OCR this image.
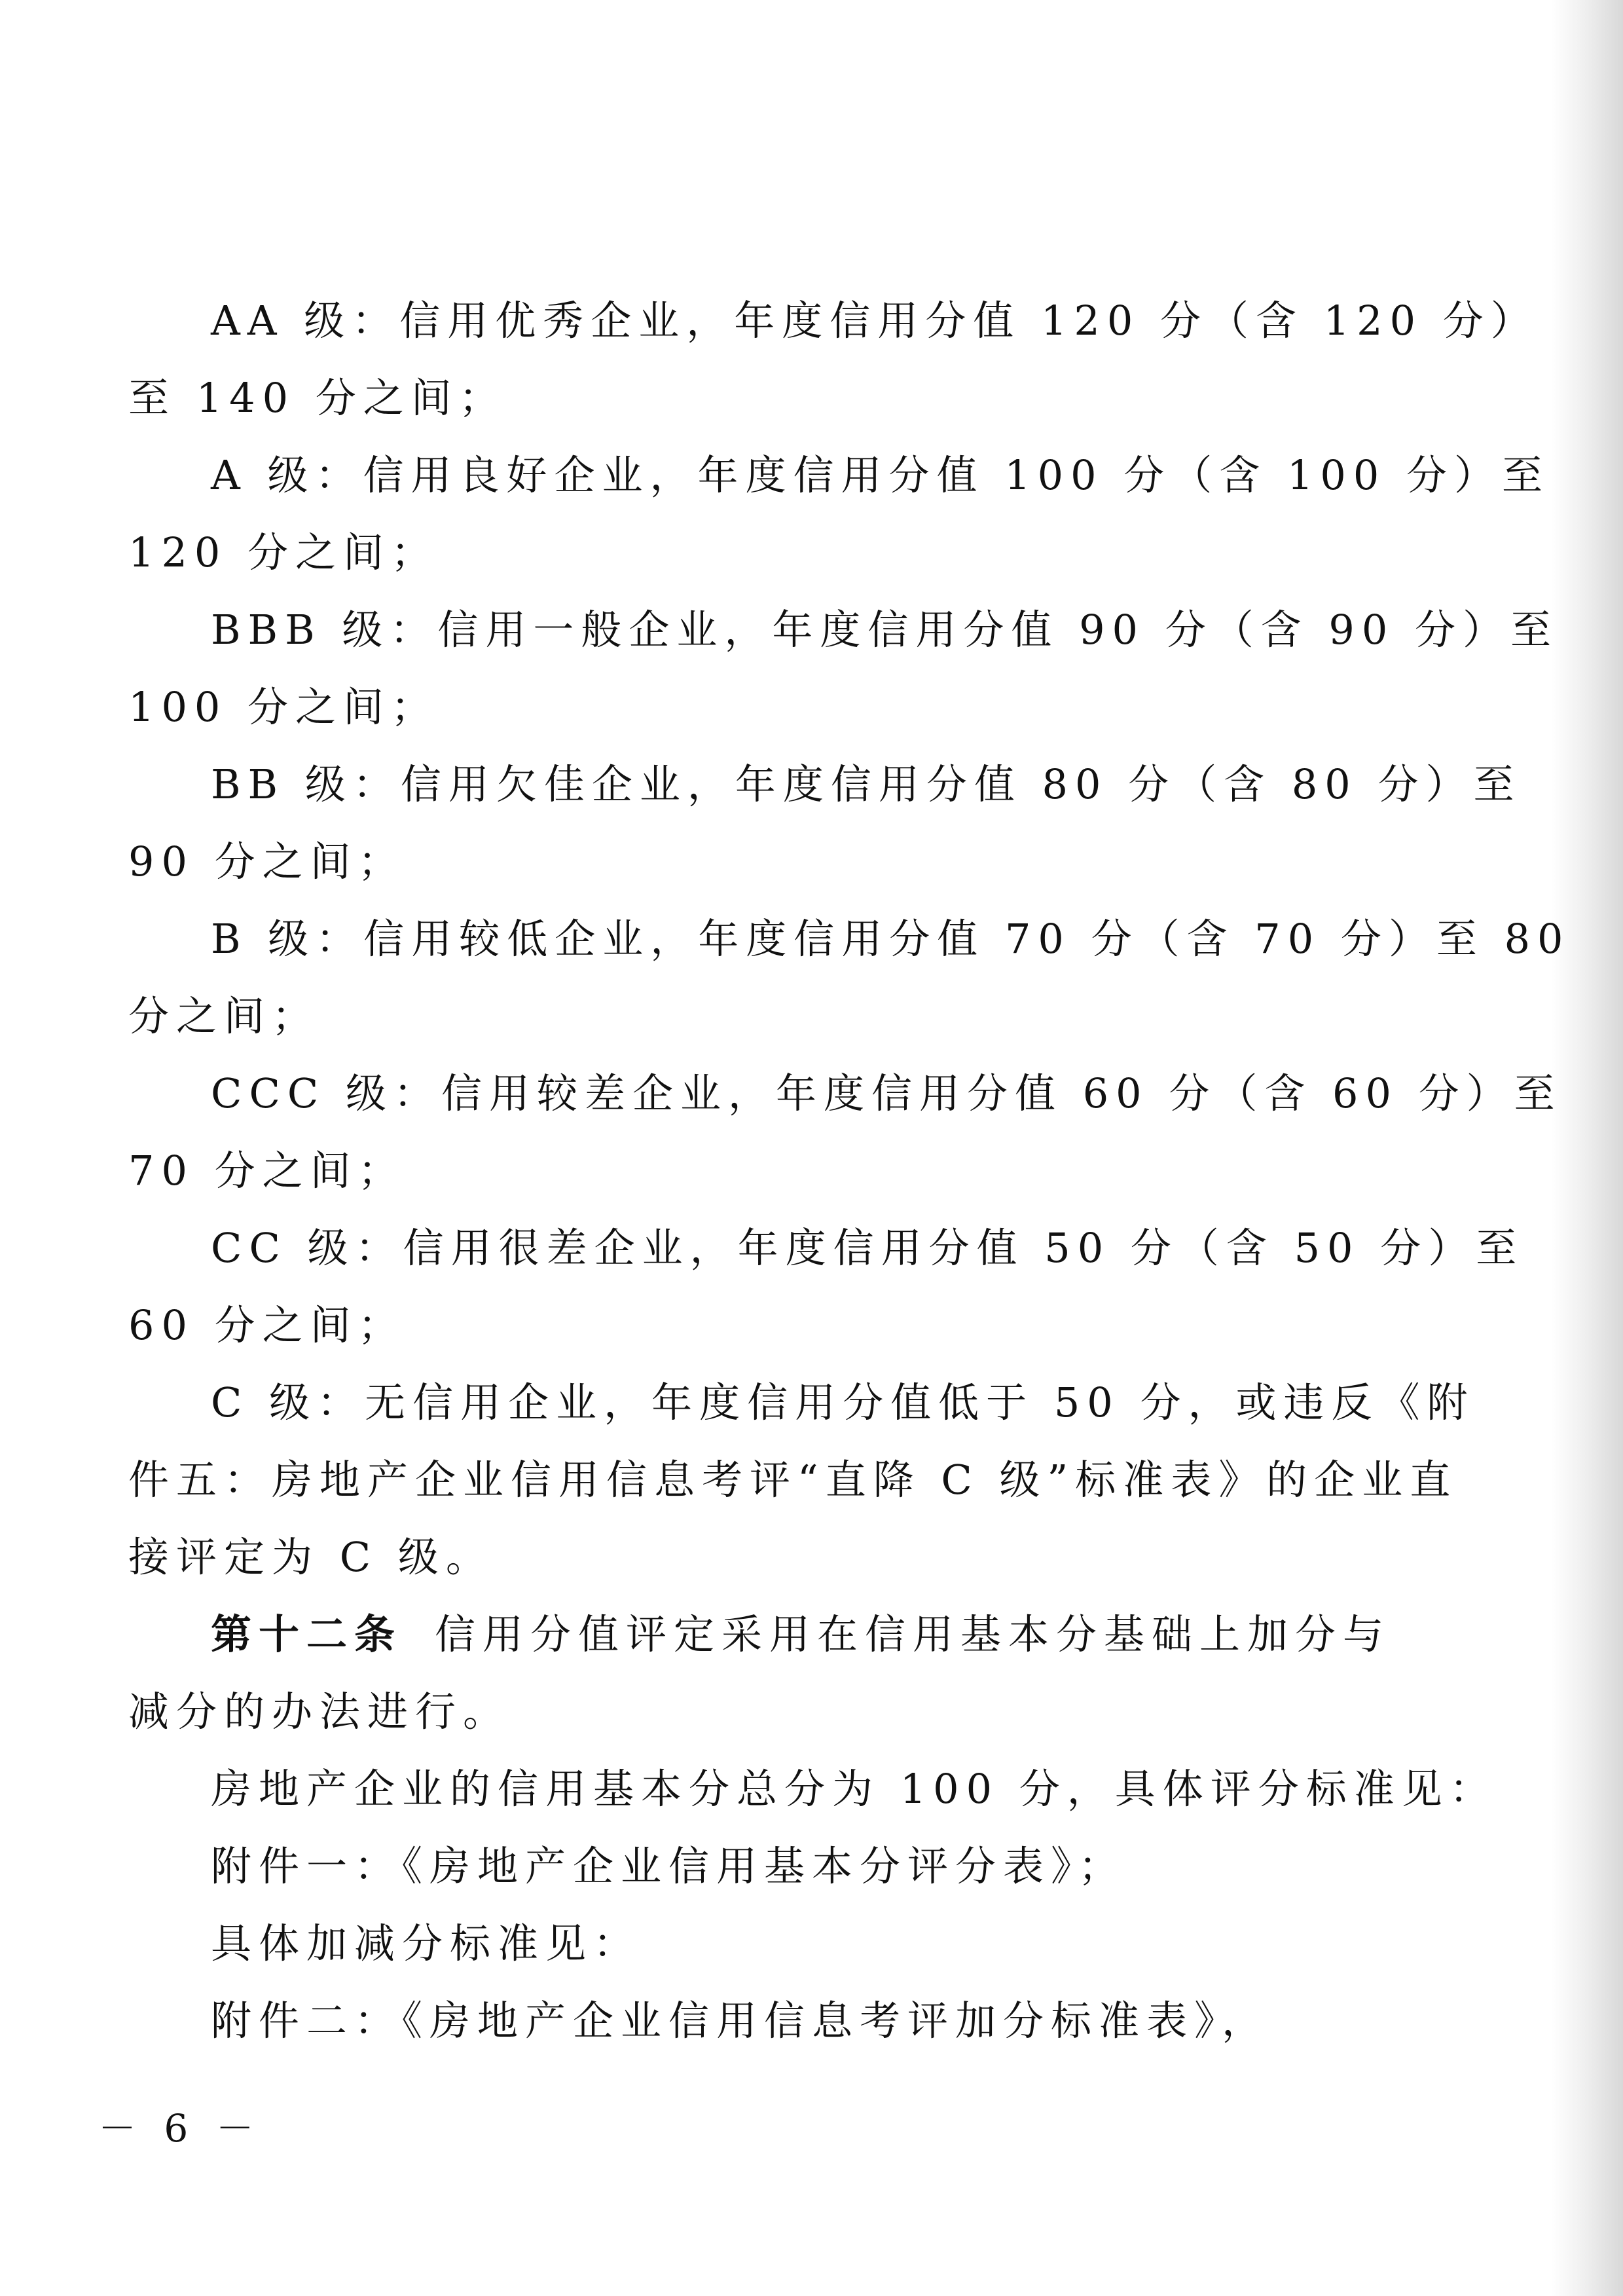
AA 级：信用优秀企业，年度信用分值 120 分（含 120 分）
至 140 分之间；
A 级：信用良好企业，年度信用分值 100 分（含 100 分）至
120 分之间；
BBB 级：信用一般企业，年度信用分值 90 分（含 90 分）至
100 分之间；
BB 级：信用欠佳企业，年度信用分值 80 分（含 80 分）至
90 分之间；
B 级：信用较低企业，年度信用分值 70 分（含 70 分）至 80
分之间；
CCC 级：信用较差企业，年度信用分值 60 分（含 60 分）至
70 分之间；
CC 级：信用很差企业，年度信用分值 50 分（含 50 分）至
60 分之间；
C 级：无信用企业，年度信用分值低于 50 分，或违反《附
件五：房地产企业信用信息考评“直降 C 级”标准表》的企业直
接评定为 C 级。
第十二条 信用分值评定采用在信用基本分基础上加分与
减分的办法进行。
房地产企业的信用基本分总分为 100 分，具体评分标准见：
附件一：《房地产企业信用基本分评分表》；
具体加减分标准见：
附件二：《房地产企业信用信息考评加分标准表》，
－ 6 －
